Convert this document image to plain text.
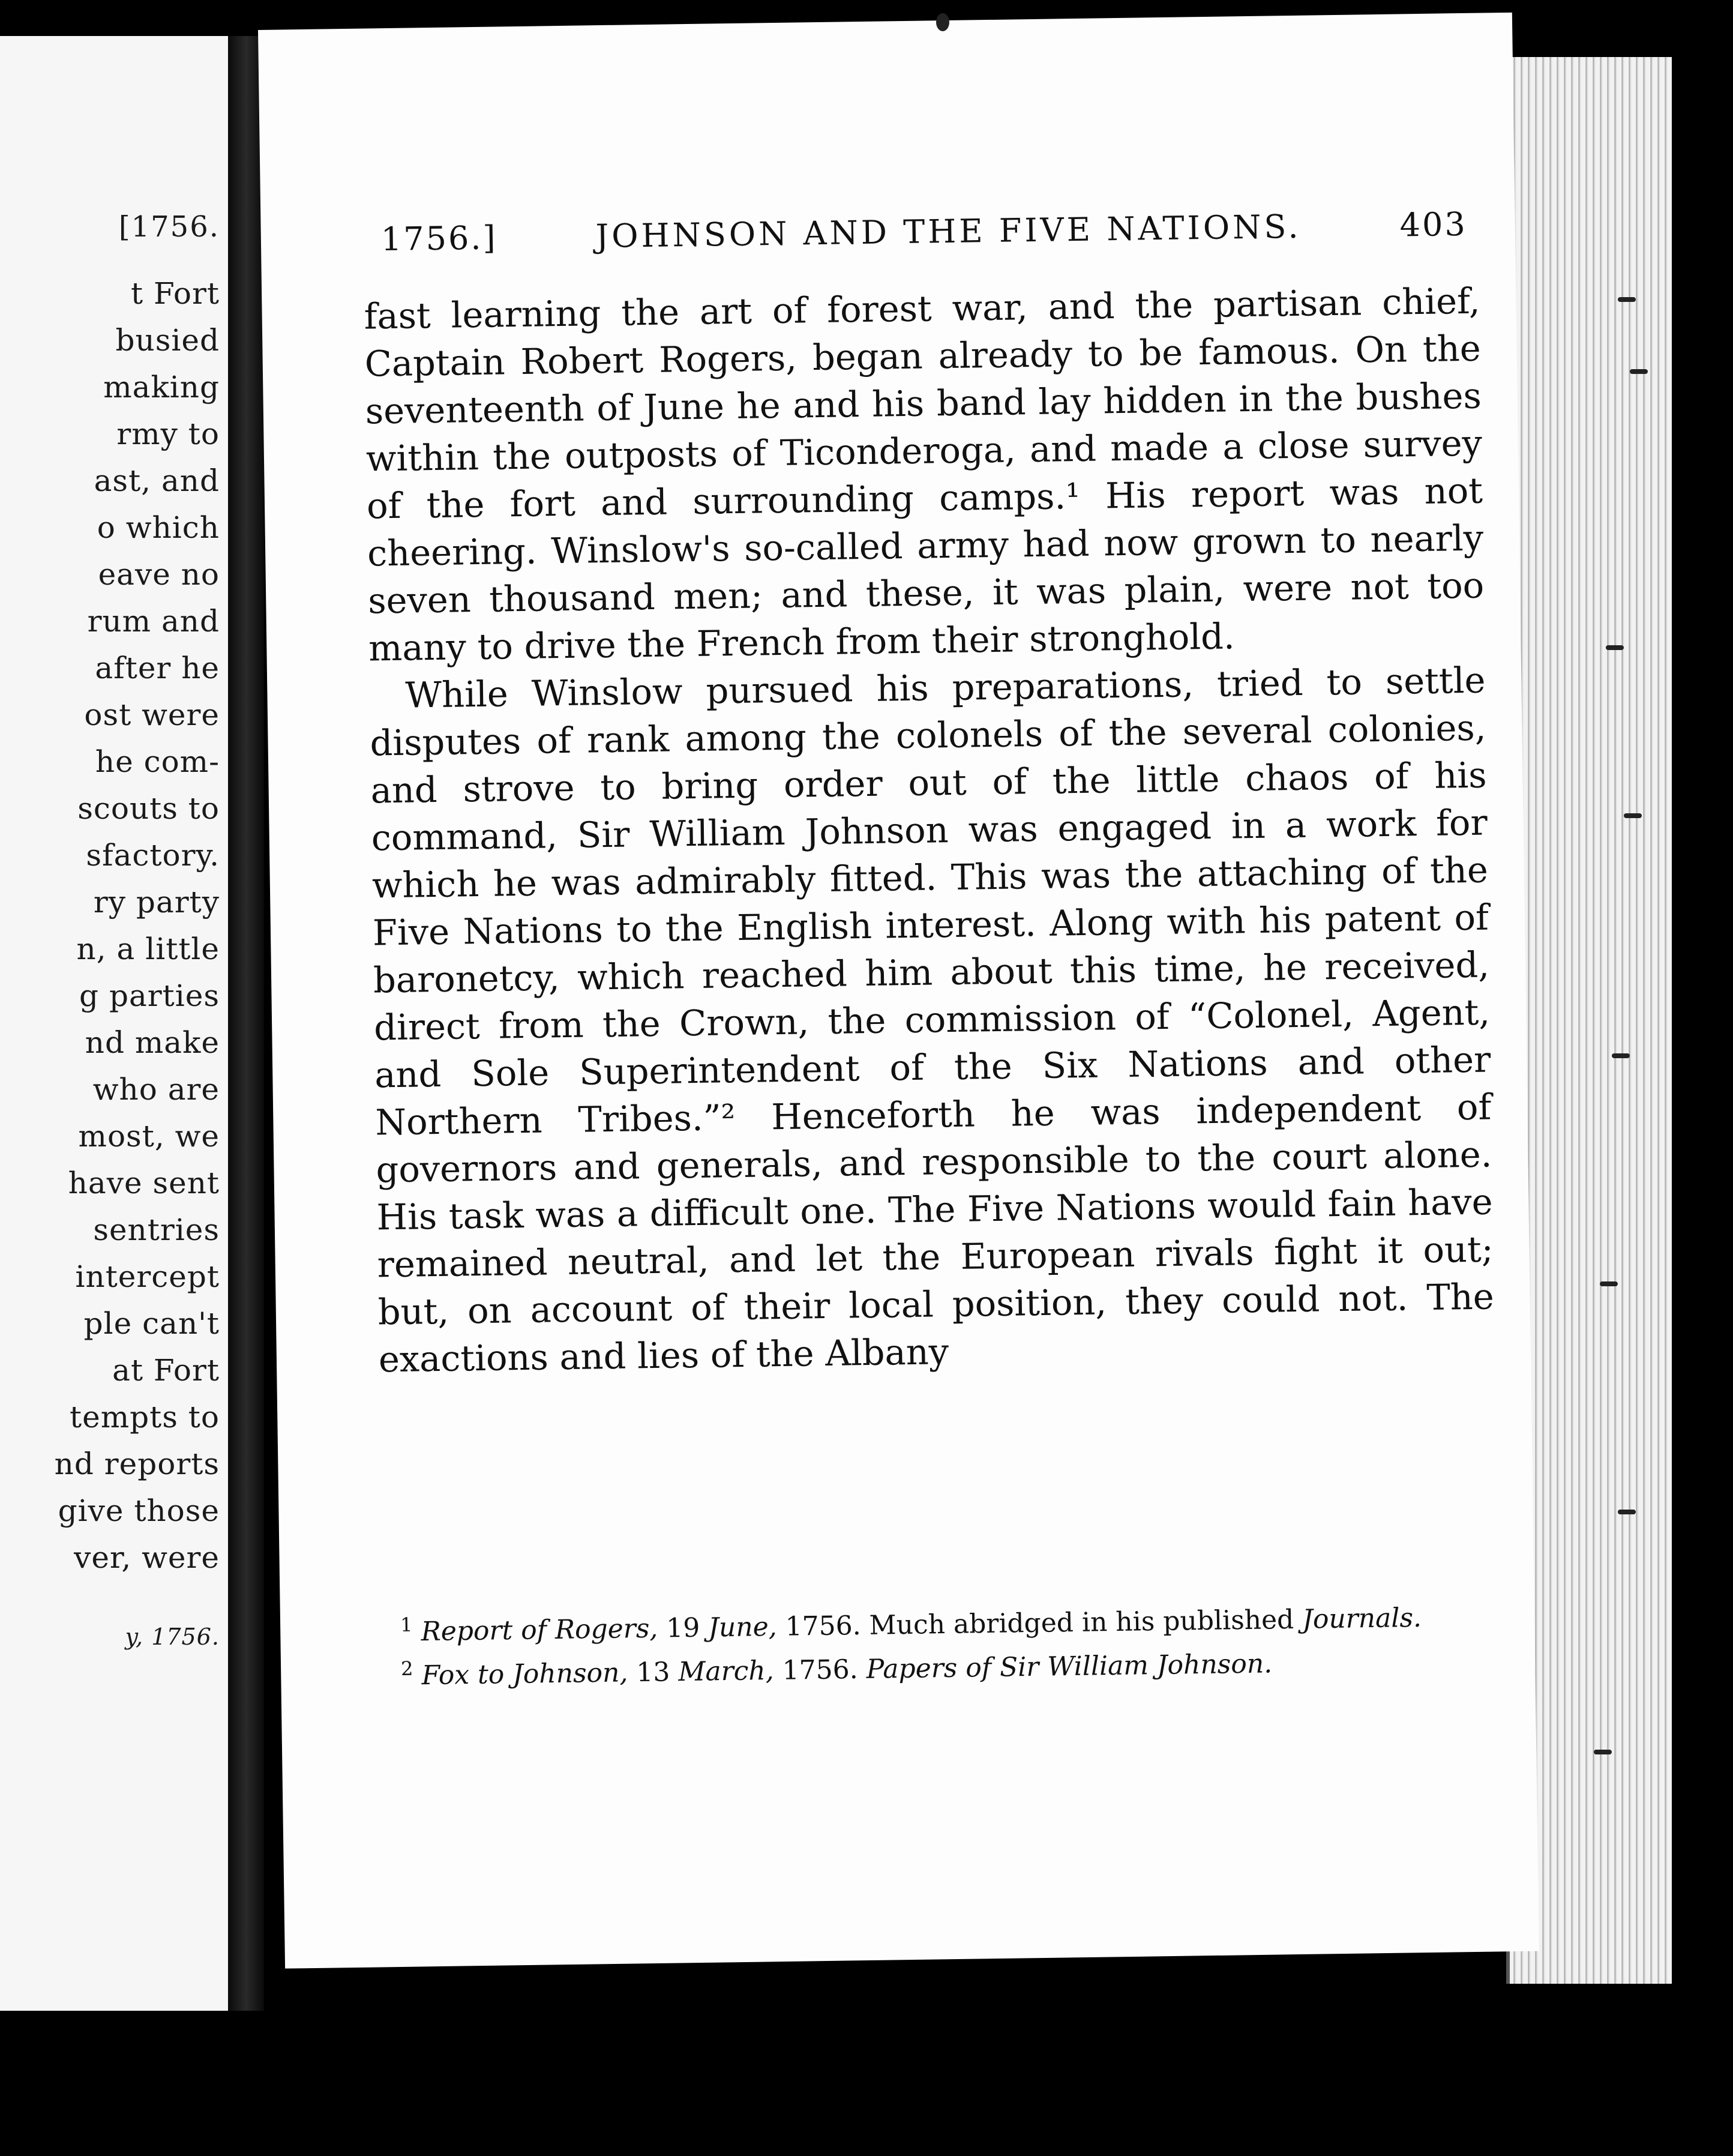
[1756.
t Fort
busied
making
rmy to
ast, and
o which
eave no
rum and
after he
ost were
he com-
scouts to
sfactory.
ry party
n, a little
g parties
nd make
who are
most, we
have sent
sentries
intercept
ple can't
at Fort
tempts to
nd reports
give those
ver, were
y, 1756.
1756.]	JOHNSON AND THE FIVE NATIONS.	403

fast learning the art of forest war, and the partisan chief, Captain Robert Rogers, began already to be famous. On the seventeenth of June he and his band lay hidden in the bushes within the outposts of Ticonderoga, and made a close survey of the fort and surrounding camps.¹ His report was not cheering. Winslow's so-called army had now grown to nearly seven thousand men; and these, it was plain, were not too many to drive the French from their stronghold.

While Winslow pursued his preparations, tried to settle disputes of rank among the colonels of the several colonies, and strove to bring order out of the little chaos of his command, Sir William Johnson was engaged in a work for which he was admirably fitted. This was the attaching of the Five Nations to the English interest. Along with his patent of baronetcy, which reached him about this time, he received, direct from the Crown, the commission of “Colonel, Agent, and Sole Superintendent of the Six Nations and other Northern Tribes.”² Henceforth he was independent of governors and generals, and responsible to the court alone. His task was a difficult one. The Five Nations would fain have remained neutral, and let the European rivals fight it out; but, on account of their local position, they could not. The exactions and lies of the Albany

$^1$ Report of Rogers, 19 June, 1756. Much abridged in his published Journals.

$^2$ Fox to Johnson, 13 March, 1756. Papers of Sir William Johnson.
